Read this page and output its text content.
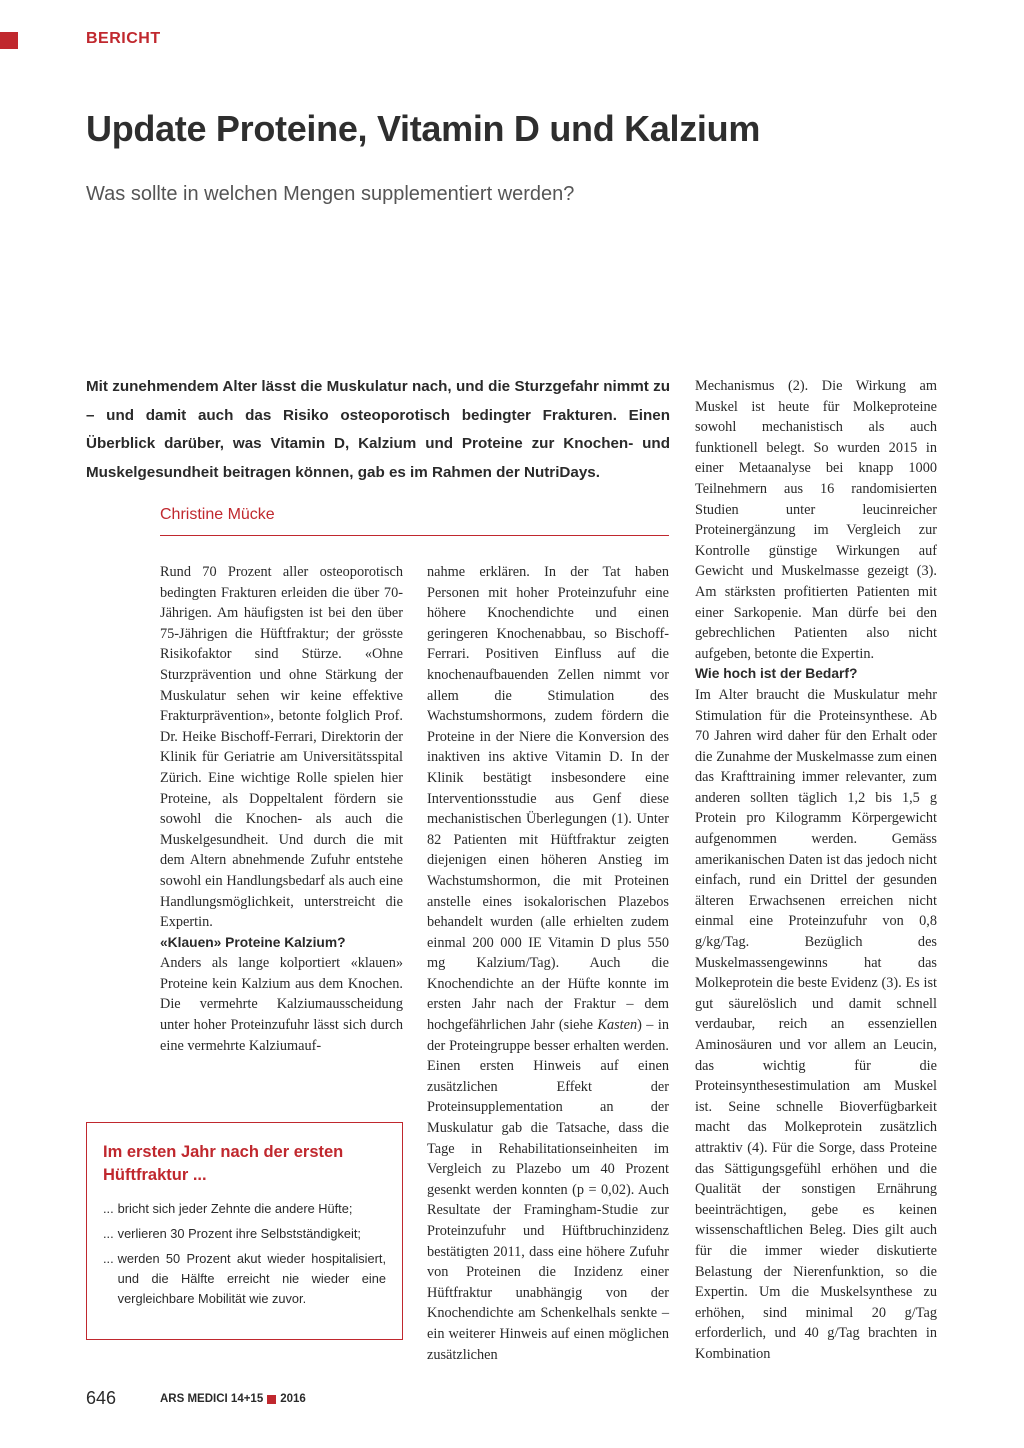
BERICHT
Update Proteine, Vitamin D und Kalzium
Was sollte in welchen Mengen supplementiert werden?
Mit zunehmendem Alter lässt die Muskulatur nach, und die Sturzgefahr nimmt zu – und damit auch das Risiko osteoporotisch bedingter Frakturen. Einen Überblick darüber, was Vitamin D, Kalzium und Proteine zur Knochen- und Muskelgesundheit beitragen können, gab es im Rahmen der NutriDays.
Christine Mücke

Rund 70 Prozent aller osteoporotisch bedingten Frakturen erleiden die über 70-Jährigen. Am häufigsten ist bei den über 75-Jährigen die Hüftfraktur; der grösste Risikofaktor sind Stürze. «Ohne Sturzprävention und ohne Stärkung der Muskulatur sehen wir keine effektive Frakturprävention», betonte folglich Prof. Dr. Heike Bischoff-Ferrari, Direktorin der Klinik für Geriatrie am Universitätsspital Zürich. Eine wichtige Rolle spielen hier Proteine, als Doppeltalent fördern sie sowohl die Knochen- als auch die Muskelgesundheit. Und durch die mit dem Altern abnehmende Zufuhr entstehe sowohl ein Handlungsbedarf als auch eine Handlungsmöglichkeit, unterstreicht die Expertin.

«Klauen» Proteine Kalzium?

Anders als lange kolportiert «klauen» Proteine kein Kalzium aus dem Knochen. Die vermehrte Kalziumausscheidung unter hoher Proteinzufuhr lässt sich durch eine vermehrte Kalziumauf-

nahme erklären. In der Tat haben Personen mit hoher Proteinzufuhr eine höhere Knochendichte und einen geringeren Knochenabbau, so Bischoff-Ferrari. Positiven Einfluss auf die knochenaufbauenden Zellen nimmt vor allem die Stimulation des Wachstumshormons, zudem fördern die Proteine in der Niere die Konversion des inaktiven ins aktive Vitamin D. In der Klinik bestätigt insbesondere eine Interventionsstudie aus Genf diese mechanistischen Überlegungen (1). Unter 82 Patienten mit Hüftfraktur zeigten diejenigen einen höheren Anstieg im Wachstumshormon, die mit Proteinen anstelle eines isokalorischen Plazebos behandelt wurden (alle erhielten zudem einmal 200 000 IE Vitamin D plus 550 mg Kalzium/Tag). Auch die Knochendichte an der Hüfte konnte im ersten Jahr nach der Fraktur – dem hochgefährlichen Jahr (siehe Kasten) – in der Proteingruppe besser erhalten werden. Einen ersten Hinweis auf einen zusätzlichen Effekt der Proteinsupplementation an der Muskulatur gab die Tatsache, dass die Tage in Rehabilitationseinheiten im Vergleich zu Plazebo um 40 Prozent gesenkt werden konnten (p = 0,02). Auch Resultate der Framingham-Studie zur Proteinzufuhr und Hüftbruchinzidenz bestätigten 2011, dass eine höhere Zufuhr von Proteinen die Inzidenz einer Hüftfraktur unabhängig von der Knochendichte am Schenkelhals senkte – ein weiterer Hinweis auf einen möglichen zusätzlichen

Mechanismus (2). Die Wirkung am Muskel ist heute für Molkeproteine sowohl mechanistisch als auch funktionell belegt. So wurden 2015 in einer Metaanalyse bei knapp 1000 Teilnehmern aus 16 randomisierten Studien unter leucinreicher Proteinergänzung im Vergleich zur Kontrolle günstige Wirkungen auf Gewicht und Muskelmasse gezeigt (3). Am stärksten profitierten Patienten mit einer Sarkopenie. Man dürfe bei den gebrechlichen Patienten also nicht aufgeben, betonte die Expertin.

Wie hoch ist der Bedarf?

Im Alter braucht die Muskulatur mehr Stimulation für die Proteinsynthese. Ab 70 Jahren wird daher für den Erhalt oder die Zunahme der Muskelmasse zum einen das Krafttraining immer relevanter, zum anderen sollten täglich 1,2 bis 1,5 g Protein pro Kilogramm Körpergewicht aufgenommen werden. Gemäss amerikanischen Daten ist das jedoch nicht einfach, rund ein Drittel der gesunden älteren Erwachsenen erreichen nicht einmal eine Proteinzufuhr von 0,8 g/kg/Tag. Bezüglich des Muskelmassengewinns hat das Molkeprotein die beste Evidenz (3). Es ist gut säurelöslich und damit schnell verdaubar, reich an essenziellen Aminosäuren und vor allem an Leucin, das wichtig für die Proteinsynthesestimulation am Muskel ist. Seine schnelle Bioverfügbarkeit macht das Molkeprotein zusätzlich attraktiv (4). Für die Sorge, dass Proteine das Sättigungsgefühl erhöhen und die Qualität der sonstigen Ernährung beeinträchtigen, gebe es keinen wissenschaftlichen Beleg. Dies gilt auch für die immer wieder diskutierte Belastung der Nierenfunktion, so die Expertin. Um die Muskelsynthese zu erhöhen, sind minimal 20 g/Tag erforderlich, und 40 g/Tag brachten in Kombination

Im ersten Jahr nach der ersten Hüftfraktur ...
... bricht sich jeder Zehnte die andere Hüfte;
... verlieren 30 Prozent ihre Selbstständigkeit;
... werden 50 Prozent akut wieder hospitalisiert, und die Hälfte erreicht nie wieder eine vergleichbare Mobilität wie zuvor.
646	ARS MEDICI 14+15 2016
